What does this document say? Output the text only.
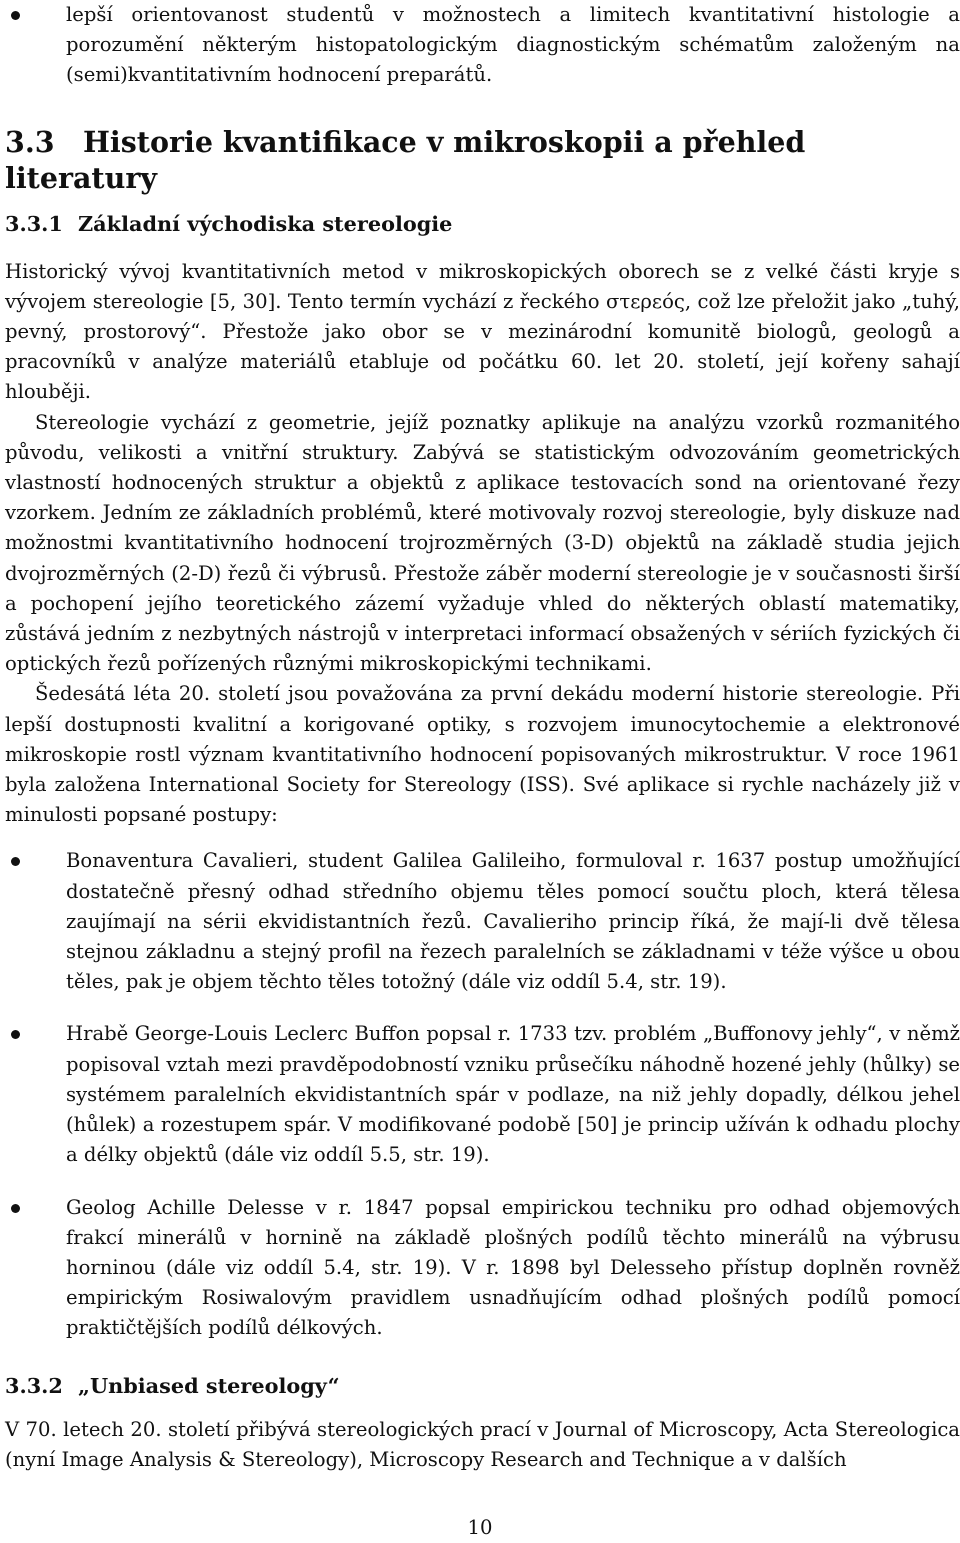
lepší orientovanost studentů v možnostech a limitech kvantitativní histologie a porozumění některým histopatologickým diagnostickým schématům založeným na (semi)kvantitativním hodnocení preparátů.
3.3 Historie kvantifikace v mikroskopii a přehled literatury
3.3.1 Základní východiska stereologie

Historický vývoj kvantitativních metod v mikroskopických oborech se z velké části kryje s vývojem stereologie [5, 30]. Tento termín vychází z řeckého στερεός, což lze přeložit jako „tuhý, pevný, prostorový“. Přestože jako obor se v mezinárodní komunitě biologů, geologů a pracovníků v analýze materiálů etabluje od počátku 60. let 20. století, její kořeny sahají hlouběji.

Stereologie vychází z geometrie, jejíž poznatky aplikuje na analýzu vzorků rozmanitého původu, velikosti a vnitřní struktury. Zabývá se statistickým odvozováním geometrických vlastností hodnocených struktur a objektů z aplikace testovacích sond na orientované řezy vzorkem. Jedním ze základních problémů, které motivovaly rozvoj stereologie, byly diskuze nad možnostmi kvantitativního hodnocení trojrozměrných (3-D) objektů na základě studia jejich dvojrozměrných (2-D) řezů či výbrusů. Přestože záběr moderní stereologie je v současnosti širší a pochopení jejího teoretického zázemí vyžaduje vhled do některých oblastí matematiky, zůstává jedním z nezbytných nástrojů v interpretaci informací obsažených v sériích fyzických či optických řezů pořízených různými mikroskopickými technikami.

Šedesátá léta 20. století jsou považována za první dekádu moderní historie stereologie. Při lepší dostupnosti kvalitní a korigované optiky, s rozvojem imunocytochemie a elektronové mikroskopie rostl význam kvantitativního hodnocení popisovaných mikrostruktur. V roce 1961 byla založena International Society for Stereology (ISS). Své aplikace si rychle nacházely již v minulosti popsané postupy:

Bonaventura Cavalieri, student Galilea Galileiho, formuloval r. 1637 postup umožňující dostatečně přesný odhad středního objemu těles pomocí součtu ploch, která tělesa zaujímají na sérii ekvidistantních řezů. Cavalieriho princip říká, že mají-li dvě tělesa stejnou základnu a stejný profil na řezech paralelních se základnami v téže výšce u obou těles, pak je objem těchto těles totožný (dále viz oddíl 5.4, str. 19).
Hrabě George-Louis Leclerc Buffon popsal r. 1733 tzv. problém „Buffonovy jehly“, v němž popisoval vztah mezi pravděpodobností vzniku průsečíku náhodně hozené jehly (hůlky) se systémem paralelních ekvidistantních spár v podlaze, na niž jehly dopadly, délkou jehel (hůlek) a rozestupem spár. V modifikované podobě [50] je princip užíván k odhadu plochy a délky objektů (dále viz oddíl 5.5, str. 19).
Geolog Achille Delesse v r. 1847 popsal empirickou techniku pro odhad objemových frakcí minerálů v hornině na základě plošných podílů těchto minerálů na výbrusu horninou (dále viz oddíl 5.4, str. 19). V r. 1898 byl Delesseho přístup doplněn rovněž empirickým Rosiwalovým pravidlem usnadňujícím odhad plošných podílů pomocí praktičtějších podílů délkových.
3.3.2 „Unbiased stereology“

V 70. letech 20. století přibývá stereologických prací v Journal of Microscopy, Acta Stereologica (nyní Image Analysis & Stereology), Microscopy Research and Technique a v dalších

10
